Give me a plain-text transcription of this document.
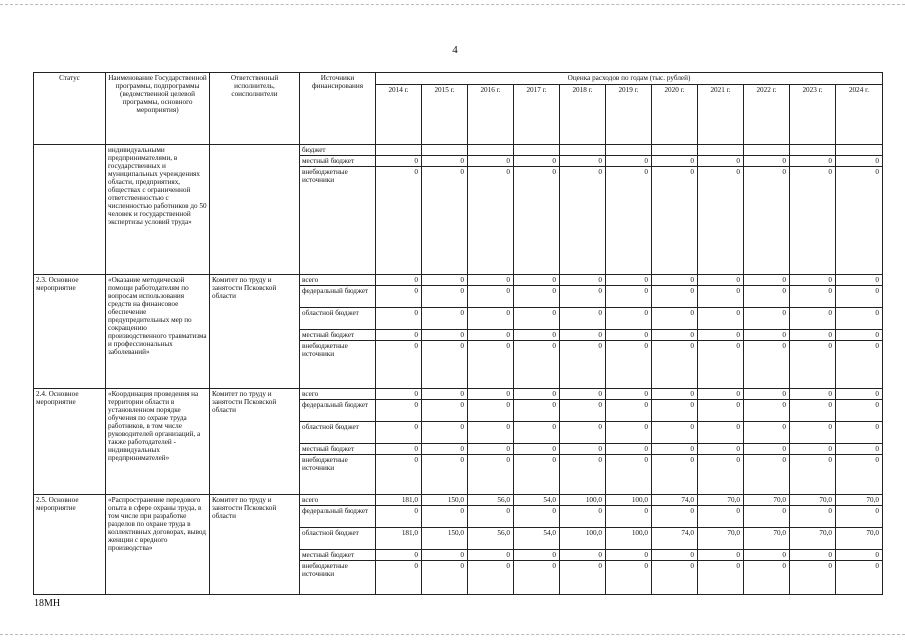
4
Статус	Наименование Государственной программы, подпрограммы (ведомственной целевой программы, основного мероприятия)	Ответственный исполнитель, соисполнители	Источники финансирования	Оценка расходов по годам (тыс. рублей)										
				2014 г.	2015 г.	2016 г.	2017 г.	2018 г.	2019 г.	2020 г.	2021 г.	2022 г.	2023 г.	2024 г.
	индивидуальными предпринимателями, в государственных и муниципальных учреждениях области, предприятиях, обществах с ограниченной ответственностью с численностью работников до 50 человек и государственной экспертизы условий труда»		бюджет											
			местный бюджет	0	0	0	0	0	0	0	0	0	0	0
			внебюджетные источники	0	0	0	0	0	0	0	0	0	0	0
2.3. Основное мероприятие	«Оказание методической помощи работодателям по вопросам использования средств на финансовое обеспечение предупредительных мер по сокращению производственного травматизма и профессиональных заболеваний»	Комитет по труду и занятости Псковской области	всего	0	0	0	0	0	0	0	0	0	0	0
			федеральный бюджет	0	0	0	0	0	0	0	0	0	0	0
			областной бюджет	0	0	0	0	0	0	0	0	0	0	0
			местный бюджет	0	0	0	0	0	0	0	0	0	0	0
			внебюджетные источники	0	0	0	0	0	0	0	0	0	0	0
2.4. Основное мероприятие	«Координация проведения на территории области в установленном порядке обучения по охране труда работников, в том числе руководителей организаций, а также работодателей - индивидуальных предпринимателей»	Комитет по труду и занятости Псковской области	всего	0	0	0	0	0	0	0	0	0	0	0
			федеральный бюджет	0	0	0	0	0	0	0	0	0	0	0
			областной бюджет	0	0	0	0	0	0	0	0	0	0	0
			местный бюджет	0	0	0	0	0	0	0	0	0	0	0
			внебюджетные источники	0	0	0	0	0	0	0	0	0	0	0
2.5. Основное мероприятие	«Распространение передового опыта в сфере охраны труда, в том числе при разработке разделов по охране труда в коллективных договорах, вывод женщин с вредного производства»	Комитет по труду и занятости Псковской области	всего	181,0	150,0	56,0	54,0	100,0	100,0	74,0	70,0	70,0	70,0	70,0
			федеральный бюджет	0	0	0	0	0	0	0	0	0	0	0
			областной бюджет	181,0	150,0	56,0	54,0	100,0	100,0	74,0	70,0	70,0	70,0	70,0
			местный бюджет	0	0	0	0	0	0	0	0	0	0	0
			внебюджетные источники	0	0	0	0	0	0	0	0	0	0	0
18МН
